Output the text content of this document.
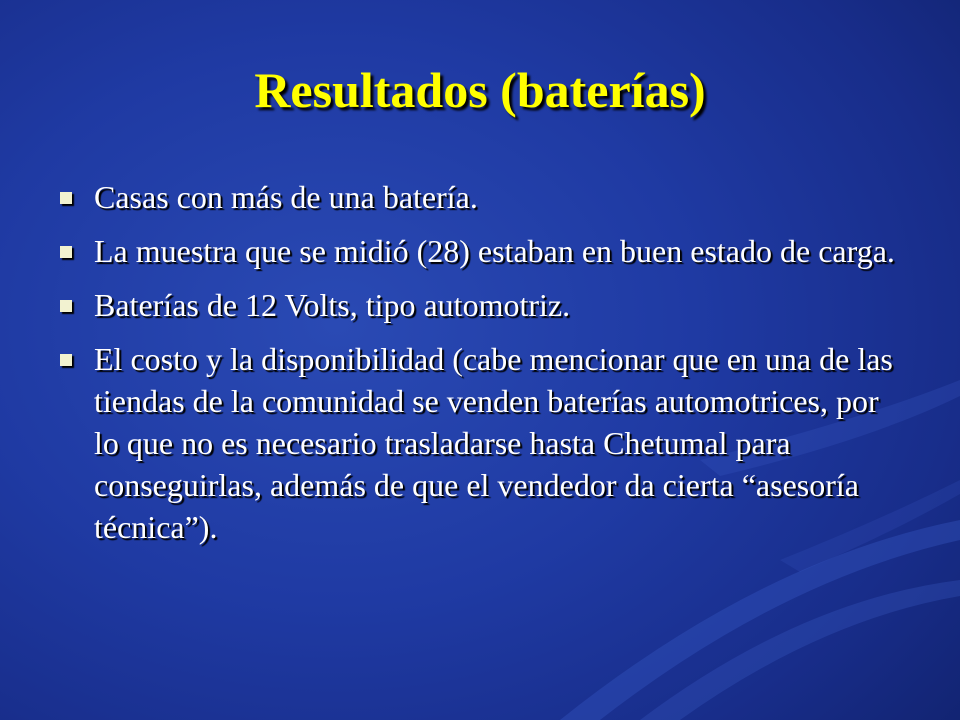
Resultados (baterías)
Casas con más de una batería.
La muestra que se midió (28) estaban en buen estado de carga.
Baterías de 12 Volts, tipo automotriz.
El costo y la disponibilidad (cabe mencionar que en una de las tiendas de la comunidad se venden baterías automotrices, por lo que no es necesario trasladarse hasta Chetumal para conseguirlas, además de que el vendedor da cierta “asesoría técnica”).
